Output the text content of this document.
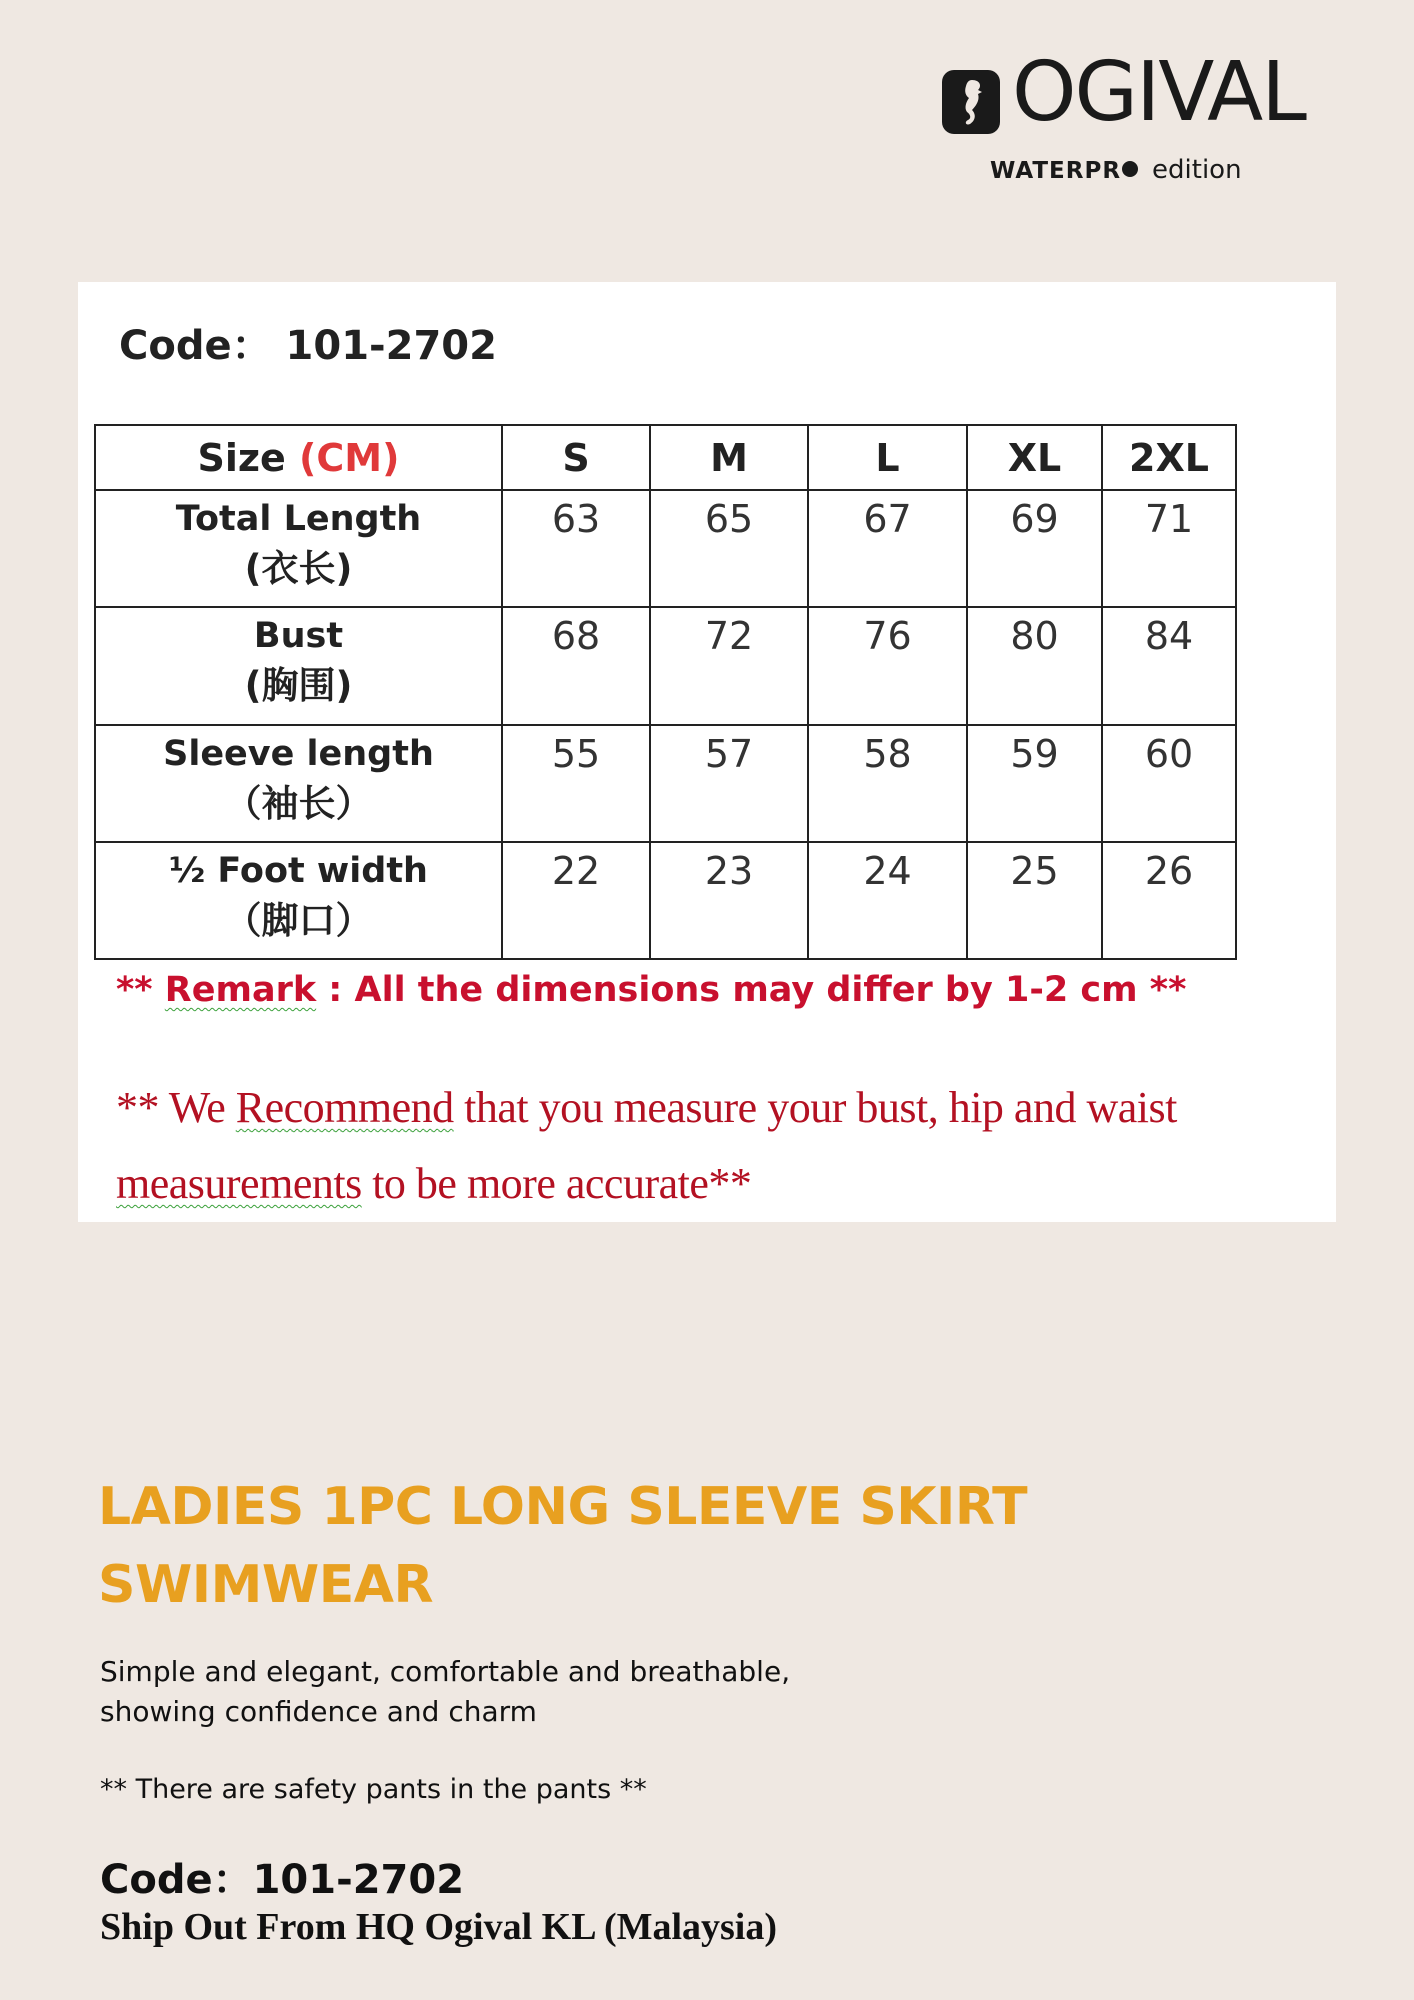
OGIVAL
WATERPR edition
Code： 101-2702
Size (CM)	S	M	L	XL	2XL

Total Length
(衣长)	63	65	67	69	71

Bust
(胸围)	68	72	76	80	84

Sleeve length
（袖长）	55	57	58	59	60

½ Foot width
（脚口）	22	23	24	25	26
** Remark : All the dimensions may differ by 1-2 cm **
** We Recommend that you measure your bust, hip and waist
measurements to be more accurate**
LADIES 1PC LONG SLEEVE SKIRT SWIMWEAR
Simple and elegant, comfortable and breathable, showing confidence and charm
** There are safety pants in the pants **
Code：101-2702
Ship Out From HQ Ogival KL (Malaysia)
